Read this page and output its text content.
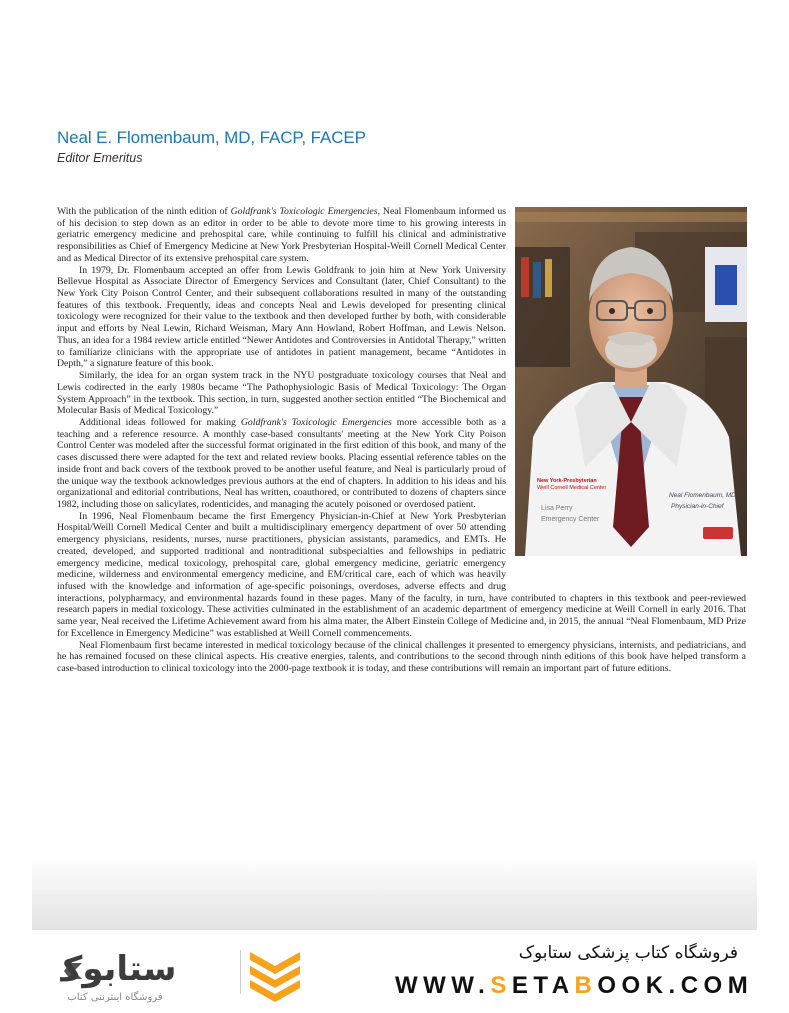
Neal E. Flomenbaum, MD, FACP, FACEP
Editor Emeritus
New York-Presbyterian
Weill Cornell Medical Center
Lisa Perry
Emergency Center
Neal Flomenbaum, MD
Physician-in-Chief

With the publication of the ninth edition of Goldfrank's Toxicologic Emergencies, Neal Flomenbaum informed us of his decision to step down as an editor in order to be able to devote more time to his growing interests in geriatric emergency medicine and prehospital care, while continuing to fulfill his clinical and administrative responsibilities as Chief of Emergency Medicine at New York Presbyterian Hospital-Weill Cornell Medical Center and as Medical Director of its extensive prehospital care system.

In 1979, Dr. Flomenbaum accepted an offer from Lewis Goldfrank to join him at New York University Bellevue Hospital as Associate Director of Emergency Services and Consultant (later, Chief Consultant) to the New York City Poison Control Center, and their subsequent collaborations resulted in many of the outstanding features of this textbook. Frequently, ideas and concepts Neal and Lewis developed for presenting clinical toxicology were recognized for their value to the textbook and then developed further by both, with considerable input and efforts by Neal Lewin, Richard Weisman, Mary Ann Howland, Robert Hoffman, and Lewis Nelson. Thus, an idea for a 1984 review article entitled “Newer Antidotes and Controversies in Antidotal Therapy,” written to familiarize clinicians with the appropriate use of antidotes in patient management, became “Antidotes in Depth,” a signature feature of this book.

Similarly, the idea for an organ system track in the NYU postgraduate toxicology courses that Neal and Lewis codirected in the early 1980s became “The Pathophysiologic Basis of Medical Toxicology: The Organ System Approach” in the textbook. This section, in turn, suggested another section entitled “The Biochemical and Molecular Basis of Medical Toxicology.”

Additional ideas followed for making Goldfrank's Toxicologic Emergencies more accessible both as a teaching and a reference resource. A monthly case-based consultants' meeting at the New York City Poison Control Center was modeled after the successful format originated in the first edition of this book, and many of the cases discussed there were adapted for the text and related review books. Placing essential reference tables on the inside front and back covers of the textbook proved to be another useful feature, and Neal is particularly proud of the unique way the textbook acknowledges previous authors at the end of chapters. In addition to his ideas and his organizational and editorial contributions, Neal has written, coauthored, or contributed to dozens of chapters since 1982, including those on salicylates, rodenticides, and managing the acutely poisoned or overdosed patient.

In 1996, Neal Flomenbaum became the first Emergency Physician-in-Chief at New York Presbyterian Hospital/Weill Cornell Medical Center and built a multidisciplinary emergency department of over 50 attending emergency physicians, residents, nurses, nurse practitioners, physician assistants, paramedics, and EMTs. He created, developed, and supported traditional and nontraditional subspecialties and fellowships in pediatric emergency medicine, medical toxicology, prehospital care, global emergency medicine, geriatric emergency medicine, wilderness and environmental emergency medicine, and EM/critical care, each of which was heavily infused with the knowledge and information of age-specific poisonings, overdoses, adverse effects and drug interactions, polypharmacy, and environmental hazards found in these pages. Many of the faculty, in turn, have contributed to chapters in this textbook and peer-reviewed research papers in medial toxicology. These activities culminated in the establishment of an academic department of emergency medicine at Weill Cornell in early 2016. That same year, Neal received the Lifetime Achievement award from his alma mater, the Albert Einstein College of Medicine and, in 2015, the annual “Neal Flomenbaum, MD Prize for Excellence in Emergency Medicine” was established at Weill Cornell commencements.

Neal Flomenbaum first became interested in medical toxicology because of the clinical challenges it presented to emergency physicians, internists, and pediatricians, and he has remained focused on these clinical aspects. His creative energies, talents, and contributions to the second through ninth editions of this book have helped transform a case-based introduction to clinical toxicology into the 2000-page textbook it is today, and these contributions will remain an important part of future editions.

ستابوک
فروشگاه اینترنتی کتاب
فروشگاه کتاب پزشکی ستابوک
WWW.SETABOOK.COM
